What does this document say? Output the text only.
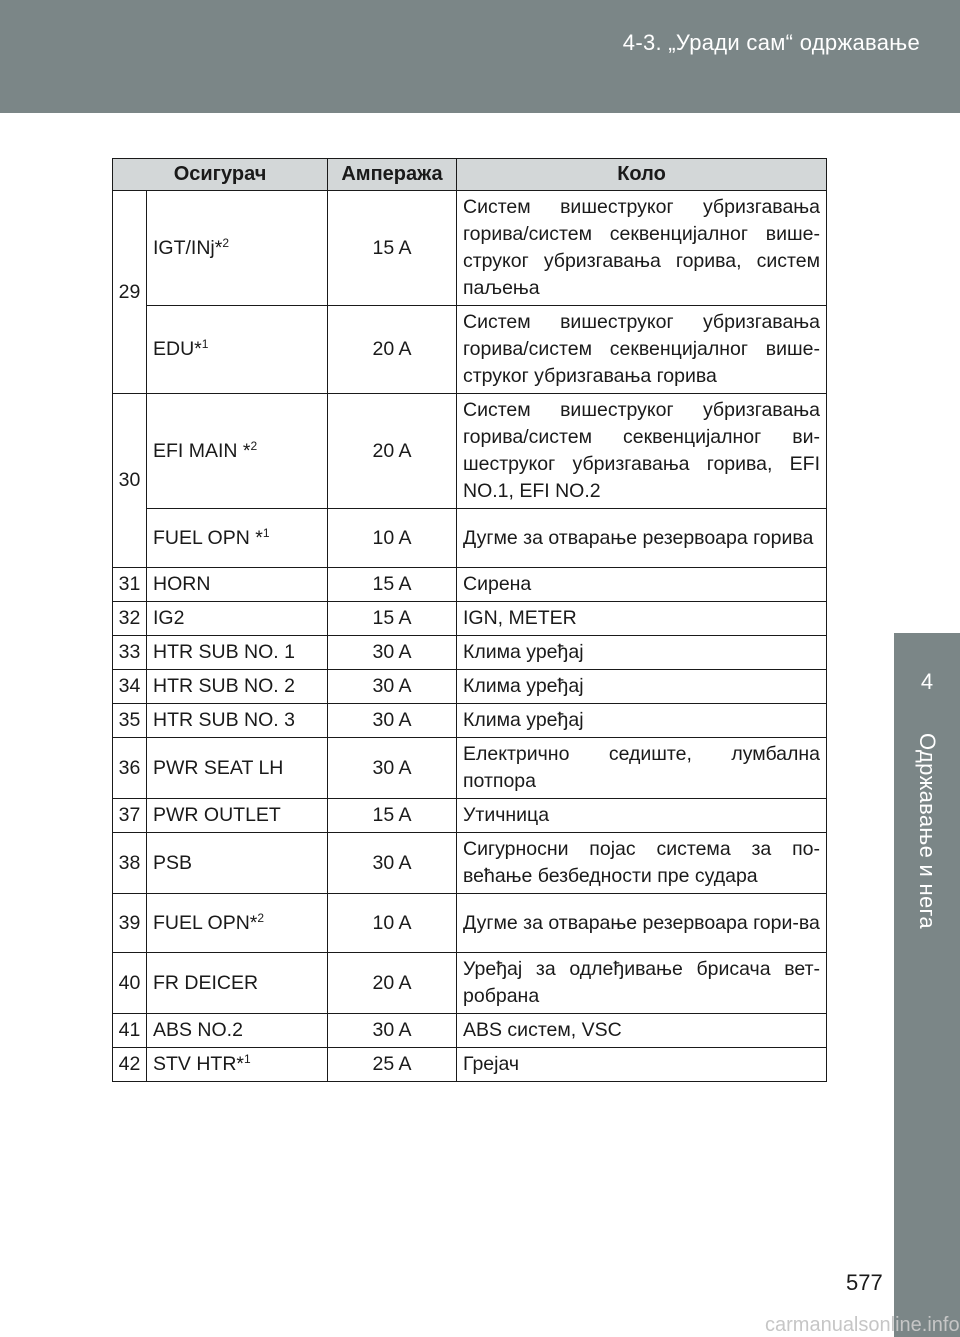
4-3. „Уради сам“ одржавање
4
Одржавање и нега
Осигурач		Ампеража	Коло
29	IGT/INj*$^2$	15 A	Систем вишеструког убризгавања горива/систем секвенцијалног више-струког убризгавања горива, систем паљења
	EDU*$^1$	20 A	Систем вишеструког убризгавања горива/систем секвенцијалног више-струког убризгавања горива
30	EFI MAIN *$^2$	20 A	Систем вишеструког убризгавања горива/систем секвенцијалног ви-шеструког убризгавања горива, EFI NO.1, EFI NO.2
	FUEL OPN *$^1$	10 A	Дугме за отварање резервоара горива
31	HORN	15 A	Сирена
32	IG2	15 A	IGN, METER
33	HTR SUB NO. 1	30 A	Клима уређај
34	HTR SUB NO. 2	30 A	Клима уређај
35	HTR SUB NO. 3	30 A	Клима уређај
36	PWR SEAT LH	30 A	Електрично седиште, лумбална потпора
37	PWR OUTLET	15 A	Утичница
38	PSB	30 A	Сигурносни појас система за по-већање безбедности пре судара
39	FUEL OPN*$^2$	10 A	Дугме за отварање резервоара гори-ва
40	FR DEICER	20 A	Уређај за одлеђивање брисача вет-робрана
41	ABS NO.2	30 A	ABS систем, VSC
42	STV HTR*$^1$	25 A	Грејач
577
carmanualsonline.info
